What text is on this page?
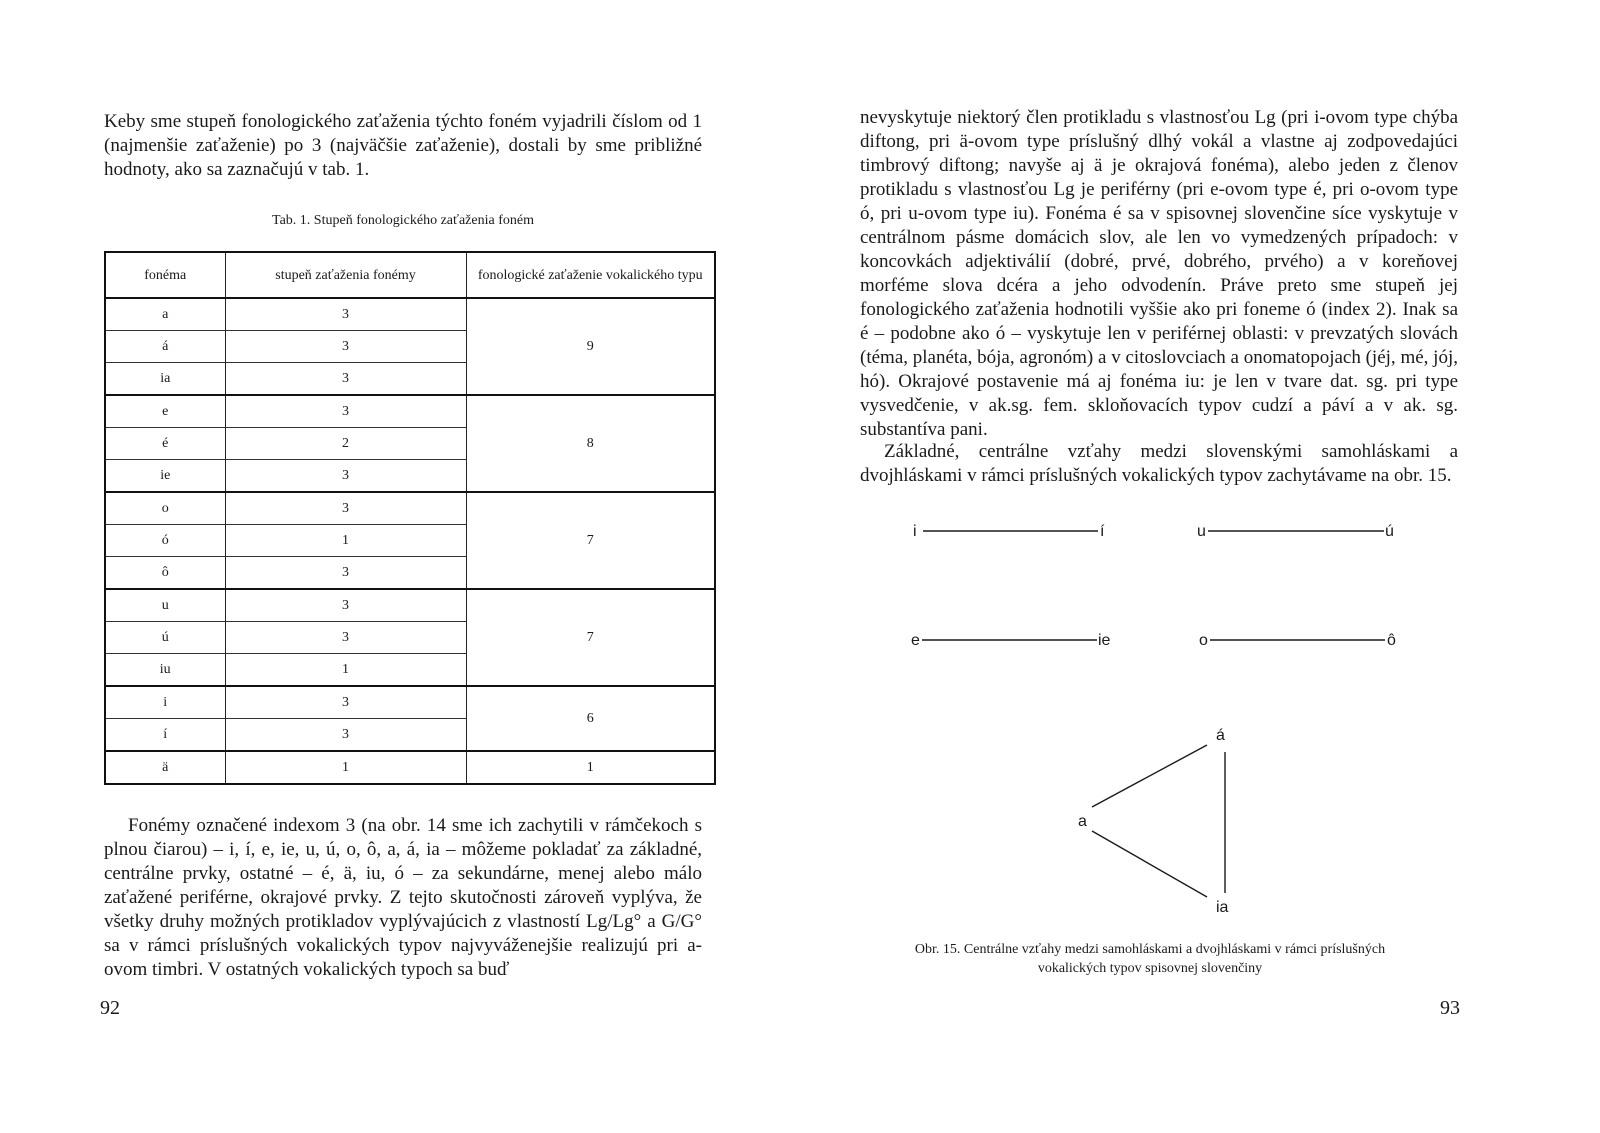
Keby sme stupeň fonologického zaťaženia týchto foném vyjadrili číslom od 1 (najmenšie zaťaženie) po 3 (najväčšie zaťaženie), dostali by sme približné hodnoty, ako sa zaznačujú v tab. 1.

Tab. 1. Stupeň fonologického zaťaženia foném
foném​a	stupeň zaťaženia foném​y	fonologické zaťaženie vokalického typu
a	3	9
á	3	
ia	3	
e	3	8
é	2	
ie	3	
o	3	7
ó	1	
ô	3	
u	3	7
ú	3	
iu	1	
i	3	6
í	3	
ä	1	1

Fonémy označené indexom 3 (na obr. 14 sme ich zachytili v rámčekoch s plnou čiarou) – i, í, e, ie, u, ú, o, ô, a, á, ia – môžeme pokladať za základné, centrálne prvky, ostatné – é, ä, iu, ó – za sekundárne, menej alebo málo zaťažené periférne, okrajové prvky. Z tejto skutočnosti zároveň vyplýva, že všetky druhy možných protikladov vyplývajúcich z vlastností Lg/Lg° a G/G° sa v rámci príslušných vokalických typov najvyváženejšie realizujú pri a-ovom timbri. V ostatných vokalických typoch sa buď

92

nevyskytuje niektorý člen protikladu s vlastnosťou Lg (pri i-ovom type chýba diftong, pri ä-ovom type príslušný dlhý vokál a vlastne aj zodpovedajúci timbrový diftong; navyše aj ä je okrajová fonéma), alebo jeden z členov protikladu s vlastnosťou Lg je periférny (pri e-ovom type é, pri o-ovom type ó, pri u-ovom type iu). Fonéma é sa v spisovnej slovenčine síce vyskytuje v centrálnom pásme domácich slov, ale len vo vymedzených prípadoch: v koncovkách adjektiválií (dobré, prvé, dobrého, prvého) a v koreňovej morféme slova dcéra a jeho odvodenín. Práve preto sme stupeň jej fonologického zaťaženia hodnotili vyššie ako pri foneme ó (index 2). Inak sa é – podobne ako ó – vyskytuje len v periférnej oblasti: v prevzatých slovách (téma, planéta, bója, agronóm) a v citoslovciach a onomatopojach (jéj, mé, jój, hó). Okrajové postavenie má aj fonéma iu: je len v tvare dat. sg. pri type vysvedčenie, v ak.sg. fem. skloňovacích typov cudzí a páví a v ak. sg. substantíva pani.

Základné, centrálne vzťahy medzi slovenskými samohláskami a dvojhláskami v rámci príslušných vokalických typov zachytávame na obr. 15.

i	í	u	ú
e	ie	o	ô
á
a
ia
Obr. 15. Centrálne vzťahy medzi samohláskami a dvojhláskami v rámci príslušných vokalických typov spisovnej slovenčiny
93
